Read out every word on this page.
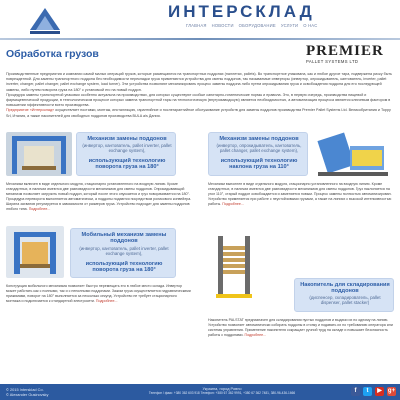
ИНТЕРСКЛАД
ГЛАВНАЯ НОВОСТИ ОБОРУДОВАНИЕ УСЛУГИ О НАС
Обработка грузов	PREMIER
PALLET SYSTEMS LTD

Производственные предприятия и компании самой малых операций грузов, которые размещаются на транспортных поддонах (паллетах, pallets). Во транспортное упакована, как и любое другое тара, подвержена риску быть поврежденной. Для замены транспортного поддона без необходимости перекладки груза применяются устройства для смены поддонов, так называемые инверторы (инвертор, опрокидыватель, кантователь, inverter, pallet inverter, changer, pallet changer, pallet exchange system, load turner). Эти устройства позволяют механизировать процесс замены поддона либо путем опрокидывания груза и освобождения поддона для его последующей замены, либо путем поворота груза на 180° с установкой его на новый поддон.

Процедура замены транспортной упаковки особенно актуальна на производствах, для которых существуют особые санитарно-гигиенические нормы и правила. Это, в первую очередь, производства пищевой и фармацевтической продукции, в технологическом процессе которых замена транспортной тары на технологическую (внутризаводскую) является необходимостью, а автоматизация процесса является ключевым фактором в повышении эффективности всего производства.

Предприятие «Интерсклад» осуществляет поставки, монтаж, инсталляцию, гарантийное и послегарантийное обслуживание устройств для замены поддонов производства Premier Pallet Systems Ltd. Великобритания и Toppy Srl, Италия, а также накопителей для свободных поддонов производства BULA а/s Дания.

Механизм замены поддонов
(инвертор, кантователь, pallet inverter, pallet exchange system),
использующий технологию поворота груза на 180°
Механизм замены поддонов
(инвертор, опрокидыватель, кантователь, pallet changer, pallet exchange system),
использующий технологию наклона груза на 110°
Механизм включен в виде отдельного модуля, стационарно установленного на входную линию. Кроме стандартных, в наличии имеются две разновидности механизмов для смены поддонов. Опрокидывающий механизм позволяет загрузить новый поддон, который после этого опускается и груз поворачивается на 180°. Процедура переворота выполняется автоматически, а поддоны подаются посредством роликового конвейера. Ширина захватов регулируется в зависимости от размеров груза. Устройство подходит для замены поддонов любого типа. Подробнее...
Механизм выполнен в виде отдельного модуля, стационарно установленного на входную линию. Кроме стандартных, в наличии имеются две разновидности механизмов для смены поддонов. Груз наклоняется на угол 110°, старый поддон освобождается и заменяется новым. Процесс замены полностью автоматизирован. Устройство применяется при работе с неустойчивыми грузами, а также на линиях с высокой интенсивностью работы. Подробнее...
Мобильный механизм замены поддонов
(инвертор, кантователь, pallet inverter, pallet exchange system),
использующий технологию поворота груза на 180°
Накопитель для складирования поддонов
(диспенсер, складирователь, pallet dispenser, pallet stacker)
Конструкция мобильного механизма позволяет быстро перемещать его в любое место склада. Инвертор может работать как с полными, так и с неполными поддонами. Зажим груза осуществляется гидравлическими прижимами, поворот на 180° выполняется за несколько секунд. Устройство не требует стационарного монтажа и подключается к стандартной электросети. Подробнее...
Накопитель PALSTAT предназначен для складирования пустых поддонов и выдачи их по одному на линию. Устройство позволяет автоматически собирать поддоны в стопку и подавать их по требованию оператора или системы управления. Применение накопителя сокращает ручной труд на складе и повышает безопасность работы с поддонами. Подробнее...
© 2015 Intersklad Co.
© Alexander Gusinovsky
Украина, город Ровно
Телефон / факс: +380 362 603 918 Телефон: +380 67 362 9991, +380 67 362 7481, 380-96-436-1666	f	t	▶	g+
